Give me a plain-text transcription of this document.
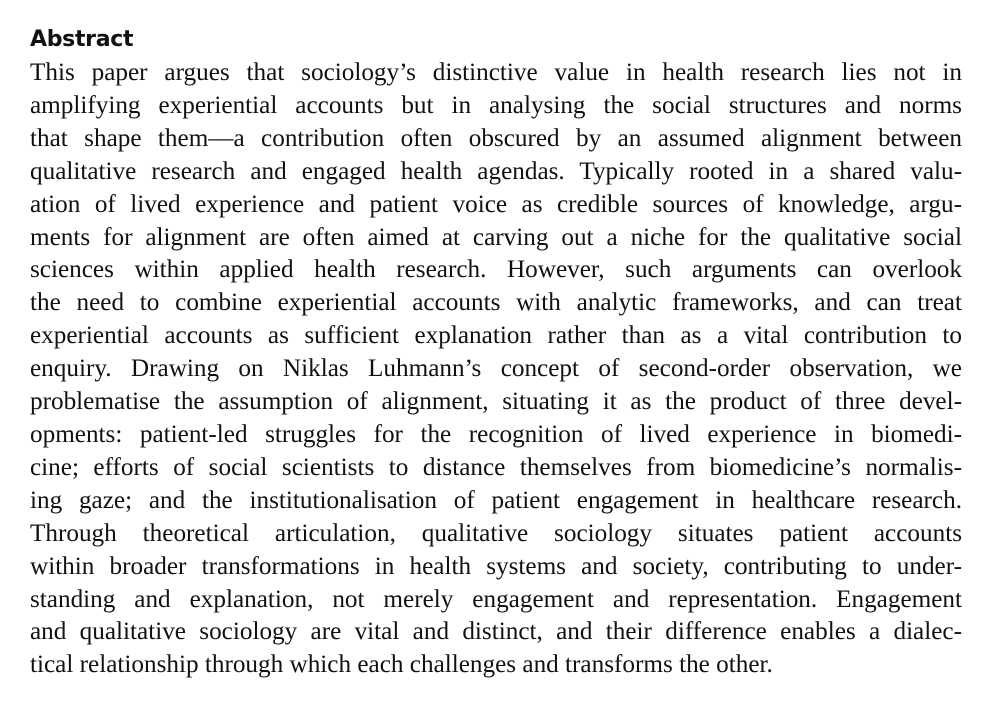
Abstract

This paper argues that sociology’s distinctive value in health research lies not in
amplifying experiential accounts but in analysing the social structures and norms
that shape them—a contribution often obscured by an assumed alignment between
qualitative research and engaged health agendas. Typically rooted in a shared valu-
ation of lived experience and patient voice as credible sources of knowledge, argu-
ments for alignment are often aimed at carving out a niche for the qualitative social
sciences within applied health research. However, such arguments can overlook
the need to combine experiential accounts with analytic frameworks, and can treat
experiential accounts as sufficient explanation rather than as a vital contribution to
enquiry. Drawing on Niklas Luhmann’s concept of second-order observation, we
problematise the assumption of alignment, situating it as the product of three devel-
opments: patient-led struggles for the recognition of lived experience in biomedi-
cine; efforts of social scientists to distance themselves from biomedicine’s normalis-
ing gaze; and the institutionalisation of patient engagement in healthcare research.
Through theoretical articulation, qualitative sociology situates patient accounts
within broader transformations in health systems and society, contributing to under-
standing and explanation, not merely engagement and representation. Engagement
and qualitative sociology are vital and distinct, and their difference enables a dialec-
tical relationship through which each challenges and transforms the other.
